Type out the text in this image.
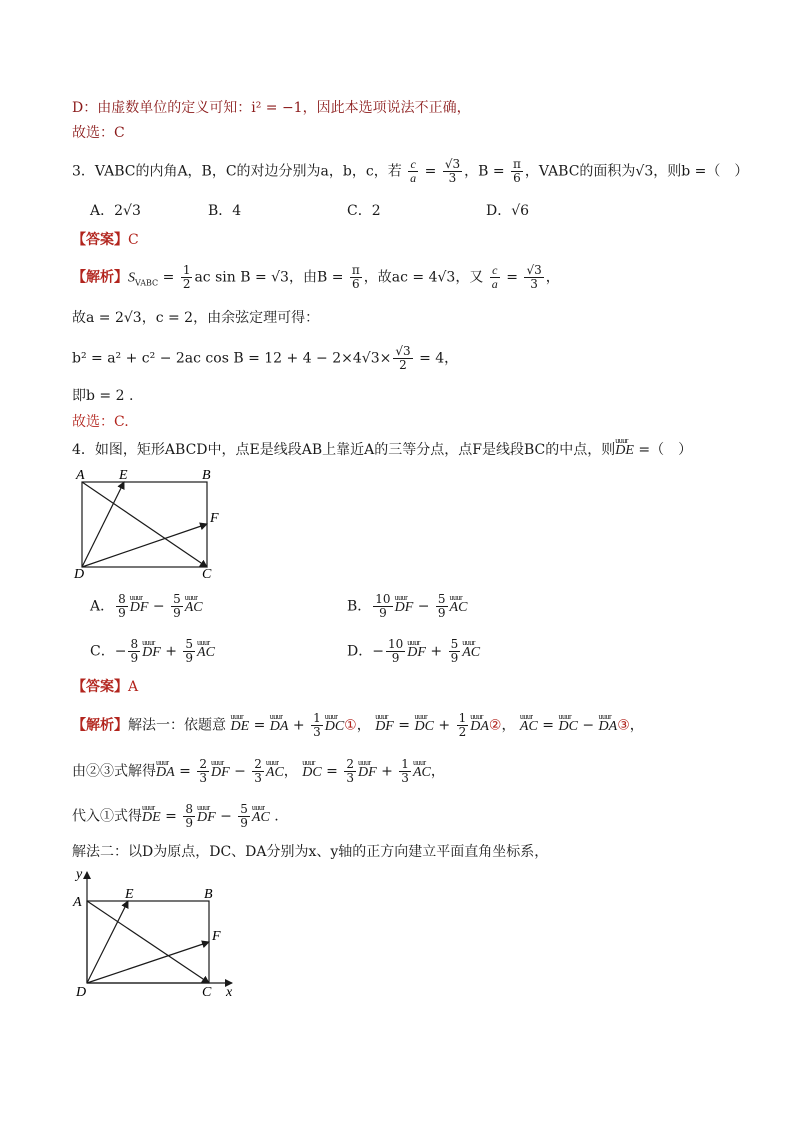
D：由虚数单位的定义可知：i² = −1，因此本选项说法不正确，
故选：C
3．VABC的内角A，B，C的对边分别为a，b，c，若 $\frac{c}{a} = \frac{√3}{3}$ ，$B = \frac{\pi}{6}$ ，VABC的面积为√3，则b =（　）
A．2√3	B．4	C．2	D．√6
【答案】C
【解析】$S_{VABC} = \frac{1}{2}$ ac sin B = √3，由$B = \frac{\pi}{6}$ ，故ac = 4√3，又 $\frac{c}{a} = \frac{√3}{3}$ ，
故a = 2√3，c = 2，由余弦定理可得：
b² = a² + c² − 2ac $\cos B = 12 + 4 - 2\times 4√3\times \frac{√3}{2} = 4$，
即b = 2 .
故选：C.
4．如图，矩形ABCD中，点E是线段AB上靠近A的三等分点，点F是线段BC的中点，则uuur DE =（　）
A E	B
F
D	C
A． $\frac{8}{9}$ uuur DF − $\frac{5}{9}$ uuur AC	B． $\frac{10}{9}$ uuur DF − $\frac{5}{9}$ uuur AC
C．− $\frac{8}{9}$ uuur DF + $\frac{5}{9}$ uuur AC	D．− $\frac{10}{9}$ uuur DF + $\frac{5}{9}$ uuur AC
【答案】A
【解析】解法一：依题意 uuur DE = uuur DA + $\frac{1}{3}$ uuur DC①， uuur DF = uuur DC + $\frac{1}{2}$ uuur DA②， uuur AC = uuur DC − uuur DA③，
由②③式解得uuur DA = $\frac{2}{3}$ uuur DF − $\frac{2}{3}$ uuur AC， uuur DC = $\frac{2}{3}$ uuur DF + $\frac{1}{3}$ uuur AC，
代入①式得uuur DE = $\frac{8}{9}$ uuur DF − $\frac{5}{9}$ uuur AC .
解法二：以D为原点，DC、DA分别为x、y轴的正方向建立平面直角坐标系，
y
A
E	B
F
D	C x
